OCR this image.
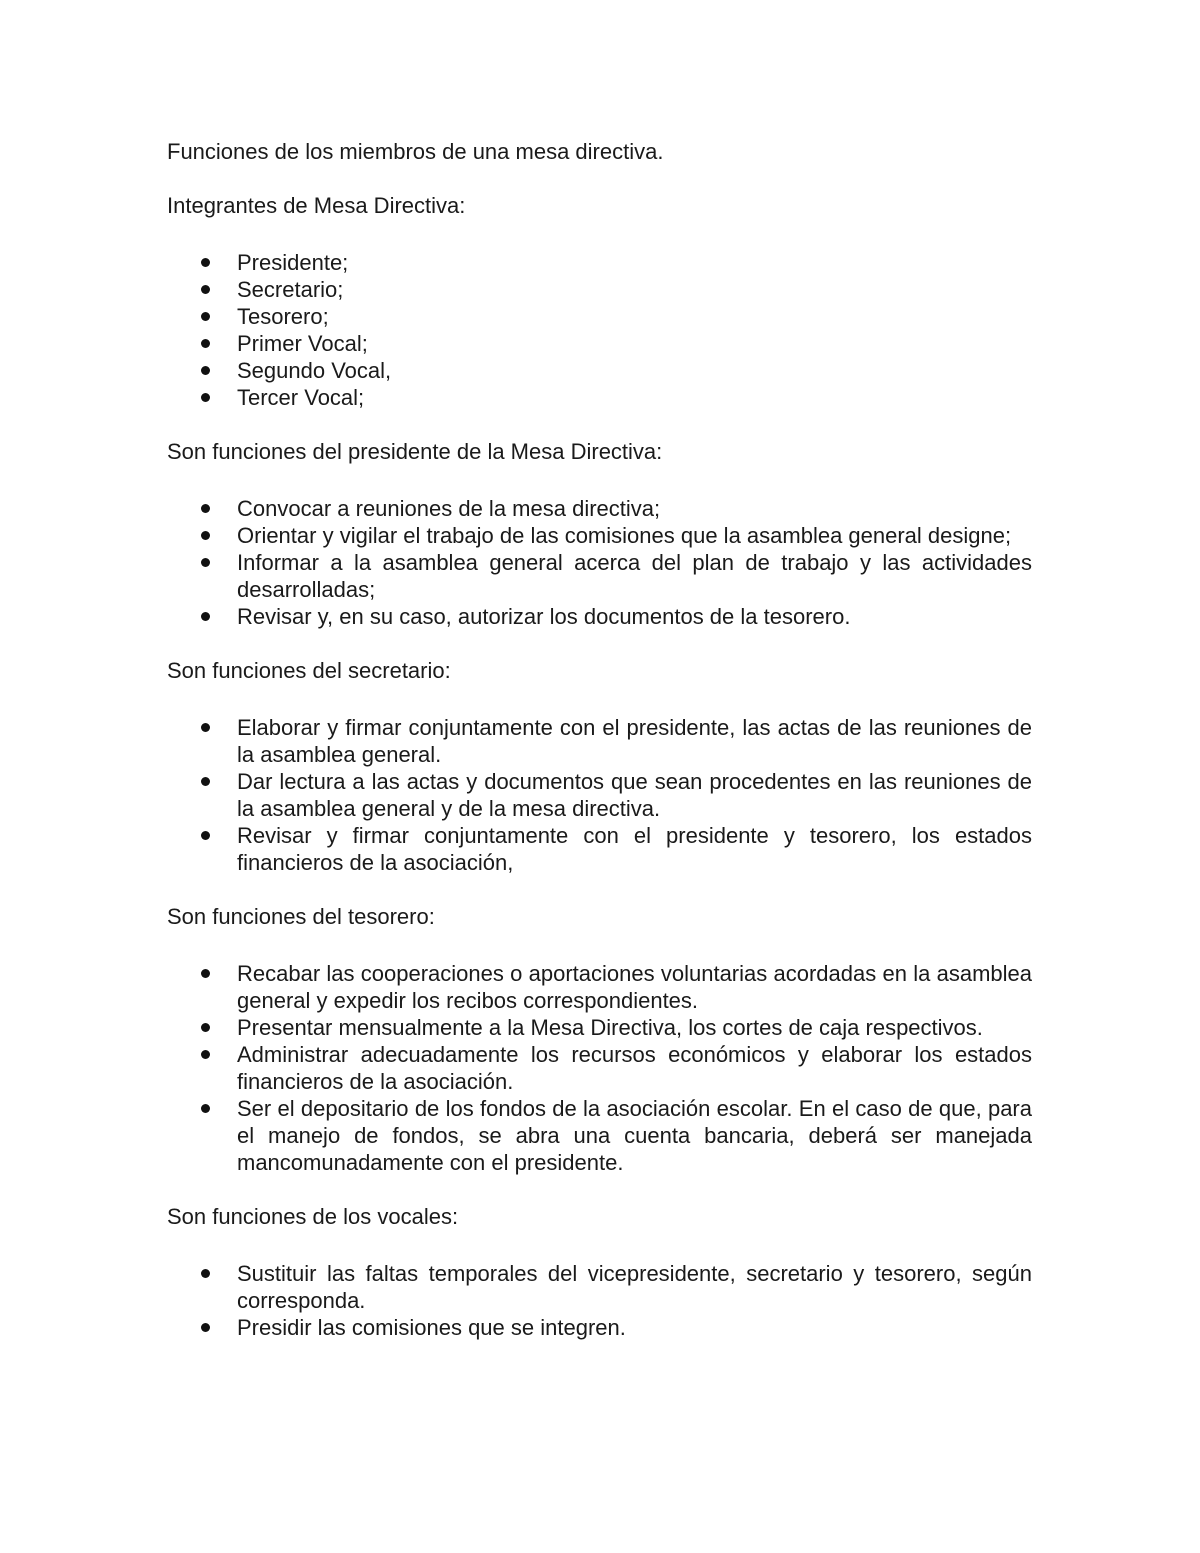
Funciones de los miembros de una mesa directiva.

Integrantes de Mesa Directiva:

Presidente;
Secretario;
Tesorero;
Primer Vocal;
Segundo Vocal,
Tercer Vocal;

Son funciones del presidente de la Mesa Directiva:

Convocar a reuniones de la mesa directiva;
Orientar y vigilar el trabajo de las comisiones que la asamblea general designe;
Informar a la asamblea general acerca del plan de trabajo y las actividades desarrolladas;
Revisar y, en su caso, autorizar los documentos de la tesorero.

Son funciones del secretario:

Elaborar y firmar conjuntamente con el presidente, las actas de las reuniones de la asamblea general.
Dar lectura a las actas y documentos que sean procedentes en las reuniones de la asamblea general y de la mesa directiva.
Revisar y firmar conjuntamente con el presidente y tesorero, los estados financieros de la asociación,

Son funciones del tesorero:

Recabar las cooperaciones o aportaciones voluntarias acordadas en la asamblea general y expedir los recibos correspondientes.
Presentar mensualmente a la Mesa Directiva, los cortes de caja respectivos.
Administrar adecuadamente los recursos económicos y elaborar los estados financieros de la asociación.
Ser el depositario de los fondos de la asociación escolar. En el caso de que, para el manejo de fondos, se abra una cuenta bancaria, deberá ser manejada mancomunadamente con el presidente.

Son funciones de los vocales:

Sustituir las faltas temporales del vicepresidente, secretario y tesorero, según corresponda.
Presidir las comisiones que se integren.
